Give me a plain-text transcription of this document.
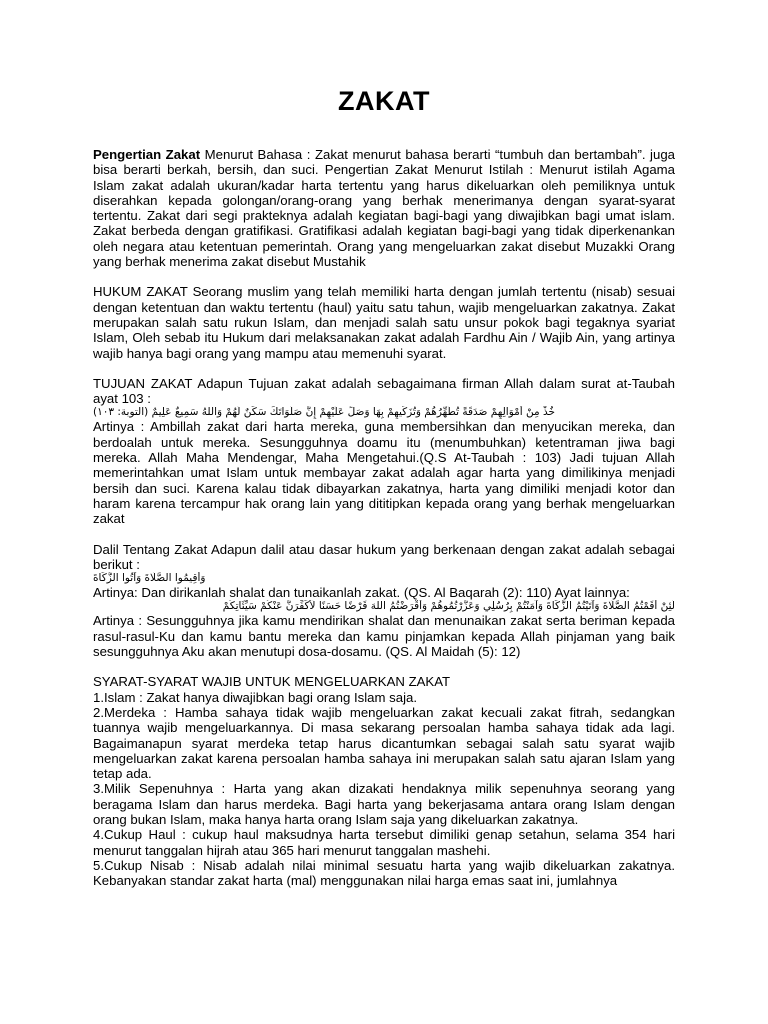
ZAKAT

Pengertian Zakat Menurut Bahasa : Zakat menurut bahasa berarti “tumbuh dan bertambah”. juga bisa berarti berkah, bersih, dan suci. Pengertian Zakat Menurut Istilah : Menurut istilah Agama Islam zakat adalah ukuran/kadar harta tertentu yang harus dikeluarkan oleh pemiliknya untuk diserahkan kepada golongan/orang-orang yang berhak menerimanya dengan syarat-syarat tertentu. Zakat dari segi prakteknya adalah kegiatan bagi-bagi yang diwajibkan bagi umat islam. Zakat berbeda dengan gratifikasi. Gratifikasi adalah kegiatan bagi-bagi yang tidak diperkenankan oleh negara atau ketentuan pemerintah. Orang yang mengeluarkan zakat disebut Muzakki Orang yang berhak menerima zakat disebut Mustahik

HUKUM ZAKAT Seorang muslim yang telah memiliki harta dengan jumlah tertentu (nisab) sesuai dengan ketentuan dan waktu tertentu (haul) yaitu satu tahun, wajib mengeluarkan zakatnya. Zakat merupakan salah satu rukun Islam, dan menjadi salah satu unsur pokok bagi tegaknya syariat Islam, Oleh sebab itu Hukum dari melaksanakan zakat adalah Fardhu Ain / Wajib Ain, yang artinya wajib hanya bagi orang yang mampu atau memenuhi syarat.

TUJUAN ZAKAT Adapun Tujuan zakat adalah sebagaimana firman Allah dalam surat at-Taubah ayat 103 :

خُذْ مِنْ أَمْوَالِهِمْ صَدَقَةً تُطَهِّرُهُمْ وَتُزَكِّيهِمْ بِهَا وَصَلِّ عَلَيْهِمْ إِنَّ صَلَوَاتَكَ سَكَنٌ لَهُمْ وَاللَّهُ سَمِيعٌ عَلِيمٌ (التوبة: ١٠٣)

Artinya : Ambillah zakat dari harta mereka, guna membersihkan dan menyucikan mereka, dan berdoalah untuk mereka. Sesungguhnya doamu itu (menumbuhkan) ketentraman jiwa bagi mereka. Allah Maha Mendengar, Maha Mengetahui.(Q.S At-Taubah : 103) Jadi tujuan Allah memerintahkan umat Islam untuk membayar zakat adalah agar harta yang dimilikinya menjadi bersih dan suci. Karena kalau tidak dibayarkan zakatnya, harta yang dimiliki menjadi kotor dan haram karena tercampur hak orang lain yang dititipkan kepada orang yang berhak mengeluarkan zakat

Dalil Tentang Zakat Adapun dalil atau dasar hukum yang berkenaan dengan zakat adalah sebagai berikut :

وَأَقِيمُوا الصَّلَاةَ وَآتُوا الزَّكَاةَ

Artinya: Dan dirikanlah shalat dan tunaikanlah zakat. (QS. Al Baqarah (2): 110) Ayat lainnya:

لَئِنْ أَقَمْتُمُ الصَّلَاةَ وَآتَيْتُمُ الزَّكَاةَ وَآمَنْتُمْ بِرُسُلِي وَعَزَّرْتُمُوهُمْ وَأَقْرَضْتُمُ اللَّهَ قَرْضًا حَسَنًا لَأُكَفِّرَنَّ عَنْكُمْ سَيِّئَاتِكُمْ

Artinya : Sesungguhnya jika kamu mendirikan shalat dan menunaikan zakat serta beriman kepada rasul-rasul-Ku dan kamu bantu mereka dan kamu pinjamkan kepada Allah pinjaman yang baik sesungguhnya Aku akan menutupi dosa-dosamu. (QS. Al Maidah (5): 12)

SYARAT-SYARAT WAJIB UNTUK MENGELUARKAN ZAKAT

1.Islam : Zakat hanya diwajibkan bagi orang Islam saja.

2.Merdeka : Hamba sahaya tidak wajib mengeluarkan zakat kecuali zakat fitrah, sedangkan tuannya wajib mengeluarkannya. Di masa sekarang persoalan hamba sahaya tidak ada lagi. Bagaimanapun syarat merdeka tetap harus dicantumkan sebagai salah satu syarat wajib mengeluarkan zakat karena persoalan hamba sahaya ini merupakan salah satu ajaran Islam yang tetap ada.

3.Milik Sepenuhnya : Harta yang akan dizakati hendaknya milik sepenuhnya seorang yang beragama Islam dan harus merdeka. Bagi harta yang bekerjasama antara orang Islam dengan orang bukan Islam, maka hanya harta orang Islam saja yang dikeluarkan zakatnya.

4.Cukup Haul : cukup haul maksudnya harta tersebut dimiliki genap setahun, selama 354 hari menurut tanggalan hijrah atau 365 hari menurut tanggalan mashehi.

5.Cukup Nisab : Nisab adalah nilai minimal sesuatu harta yang wajib dikeluarkan zakatnya. Kebanyakan standar zakat harta (mal) menggunakan nilai harga emas saat ini, jumlahnya
